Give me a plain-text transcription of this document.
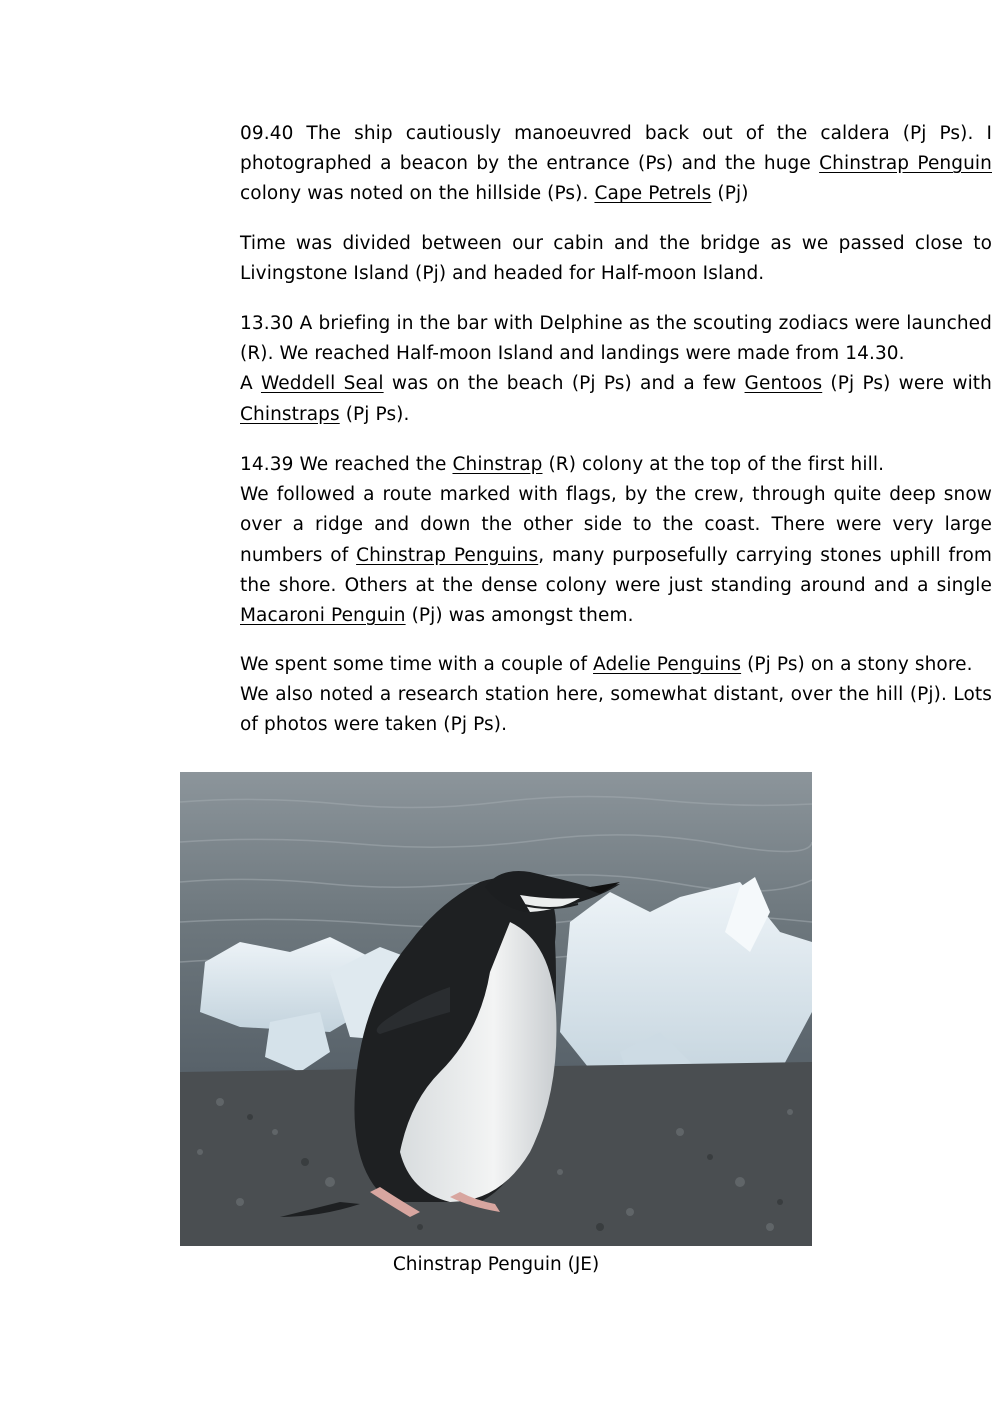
09.40 The ship cautiously manoeuvred back out of the caldera (Pj Ps). I photographed a beacon by the entrance (Ps) and the huge Chinstrap Penguin colony was noted on the hillside (Ps). Cape Petrels (Pj)

Time was divided between our cabin and the bridge as we passed close to Livingstone Island (Pj) and headed for Half-moon Island.

13.30 A briefing in the bar with Delphine as the scouting zodiacs were launched (R). We reached Half-moon Island and landings were made from 14.30.
A Weddell Seal was on the beach (Pj Ps) and a few Gentoos (Pj Ps) were with Chinstraps (Pj Ps).

14.39 We reached the Chinstrap (R) colony at the top of the first hill.
We followed a route marked with flags, by the crew, through quite deep snow over a ridge and down the other side to the coast. There were very large numbers of Chinstrap Penguins, many purposefully carrying stones uphill from the shore. Others at the dense colony were just standing around and a single Macaroni Penguin (Pj) was amongst them.

We spent some time with a couple of Adelie Penguins (Pj Ps) on a stony shore.
We also noted a research station here, somewhat distant, over the hill (Pj). Lots of photos were taken (Pj Ps).

Chinstrap Penguin (JE)
